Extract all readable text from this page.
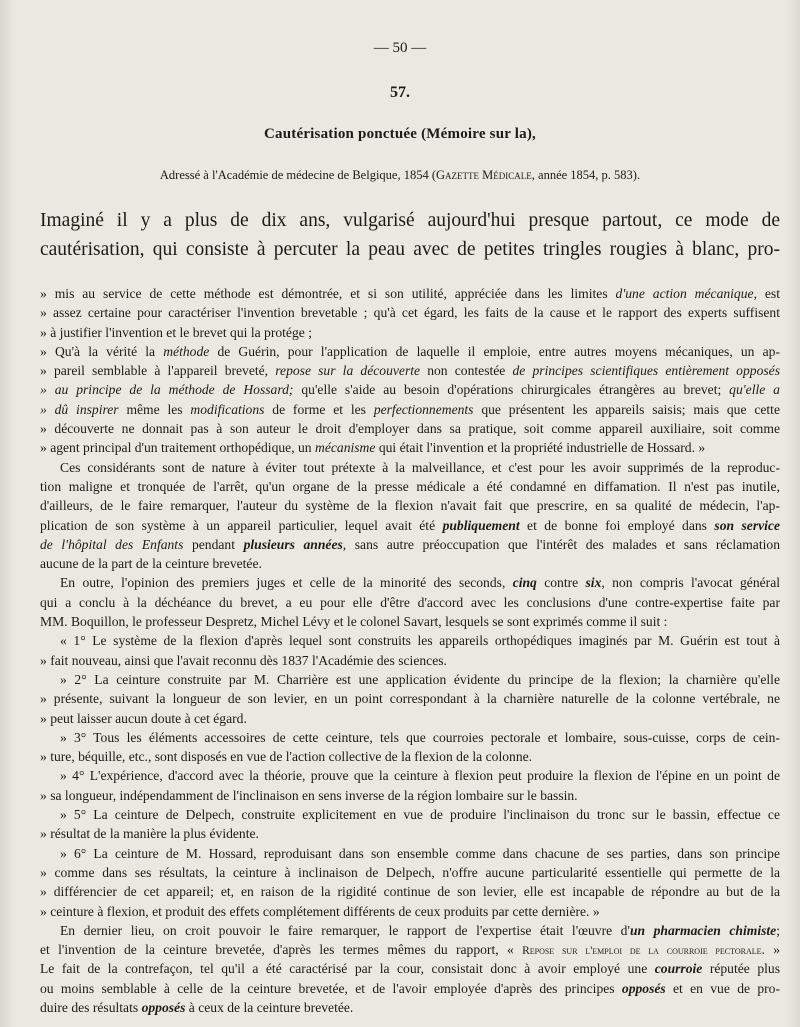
— 50 —
57.
Cautérisation ponctuée (Mémoire sur la),
Adressé à l'Académie de médecine de Belgique, 1854 (Gazette Médicale, année 1854, p. 583).
Imaginé il y a plus de dix ans, vulgarisé aujourd'hui presque partout, ce mode de
cautérisation, qui consiste à percuter la peau avec de petites tringles rougies à blanc, pro-
» mis au service de cette méthode est démontrée, et si son utilité, appréciée dans les limites d'une action mécanique, est
» assez certaine pour caractériser l'invention brevetable ; qu'à cet égard, les faits de la cause et le rapport des experts suffisent
» à justifier l'invention et le brevet qui la protége ;
» Qu'à la vérité la méthode de Guérin, pour l'application de laquelle il emploie, entre autres moyens mécaniques, un ap-
» pareil semblable à l'appareil breveté, repose sur la découverte non contestée de principes scientifiques entièrement opposés
» au principe de la méthode de Hossard; qu'elle s'aide au besoin d'opérations chirurgicales étrangères au brevet; qu'elle a
» dû inspirer même les modifications de forme et les perfectionnements que présentent les appareils saisis; mais que cette
» découverte ne donnait pas à son auteur le droit d'employer dans sa pratique, soit comme appareil auxiliaire, soit comme
» agent principal d'un traitement orthopédique, un mécanisme qui était l'invention et la propriété industrielle de Hossard. »
Ces considérants sont de nature à éviter tout prétexte à la malveillance, et c'est pour les avoir supprimés de la reproduc-
tion maligne et tronquée de l'arrêt, qu'un organe de la presse médicale a été condamné en diffamation. Il n'est pas inutile,
d'ailleurs, de le faire remarquer, l'auteur du système de la flexion n'avait fait que prescrire, en sa qualité de médecin, l'ap-
plication de son système à un appareil particulier, lequel avait été publiquement et de bonne foi employé dans son service
de l'hôpital des Enfants pendant plusieurs années, sans autre préoccupation que l'intérêt des malades et sans réclamation
aucune de la part de la ceinture brevetée.
En outre, l'opinion des premiers juges et celle de la minorité des seconds, cinq contre six, non compris l'avocat général
qui a conclu à la déchéance du brevet, a eu pour elle d'être d'accord avec les conclusions d'une contre-expertise faite par
MM. Boquillon, le professeur Despretz, Michel Lévy et le colonel Savart, lesquels se sont exprimés comme il suit :
« 1° Le système de la flexion d'après lequel sont construits les appareils orthopédiques imaginés par M. Guérin est tout à
» fait nouveau, ainsi que l'avait reconnu dès 1837 l'Académie des sciences.
» 2° La ceinture construite par M. Charrière est une application évidente du principe de la flexion; la charnière qu'elle
» présente, suivant la longueur de son levier, en un point correspondant à la charnière naturelle de la colonne vertébrale, ne
» peut laisser aucun doute à cet égard.
» 3° Tous les éléments accessoires de cette ceinture, tels que courroies pectorale et lombaire, sous-cuisse, corps de cein-
» ture, béquille, etc., sont disposés en vue de l'action collective de la flexion de la colonne.
» 4° L'expérience, d'accord avec la théorie, prouve que la ceinture à flexion peut produire la flexion de l'épine en un point de
» sa longueur, indépendamment de l'inclinaison en sens inverse de la région lombaire sur le bassin.
» 5° La ceinture de Delpech, construite explicitement en vue de produire l'inclinaison du tronc sur le bassin, effectue ce
» résultat de la manière la plus évidente.
» 6° La ceinture de M. Hossard, reproduisant dans son ensemble comme dans chacune de ses parties, dans son principe
» comme dans ses résultats, la ceinture à inclinaison de Delpech, n'offre aucune particularité essentielle qui permette de la
» différencier de cet appareil; et, en raison de la rigidité continue de son levier, elle est incapable de répondre au but de la
» ceinture à flexion, et produit des effets complétement différents de ceux produits par cette dernière. »
En dernier lieu, on croit pouvoir le faire remarquer, le rapport de l'expertise était l'œuvre d'un pharmacien chimiste;
et l'invention de la ceinture brevetée, d'après les termes mêmes du rapport, « Repose sur l'emploi de la courroie pectorale. »
Le fait de la contrefaçon, tel qu'il a été caractérisé par la cour, consistait donc à avoir employé une courroie réputée plus
ou moins semblable à celle de la ceinture brevetée, et de l'avoir employée d'après des principes opposés et en vue de pro-
duire des résultats opposés à ceux de la ceinture brevetée.
